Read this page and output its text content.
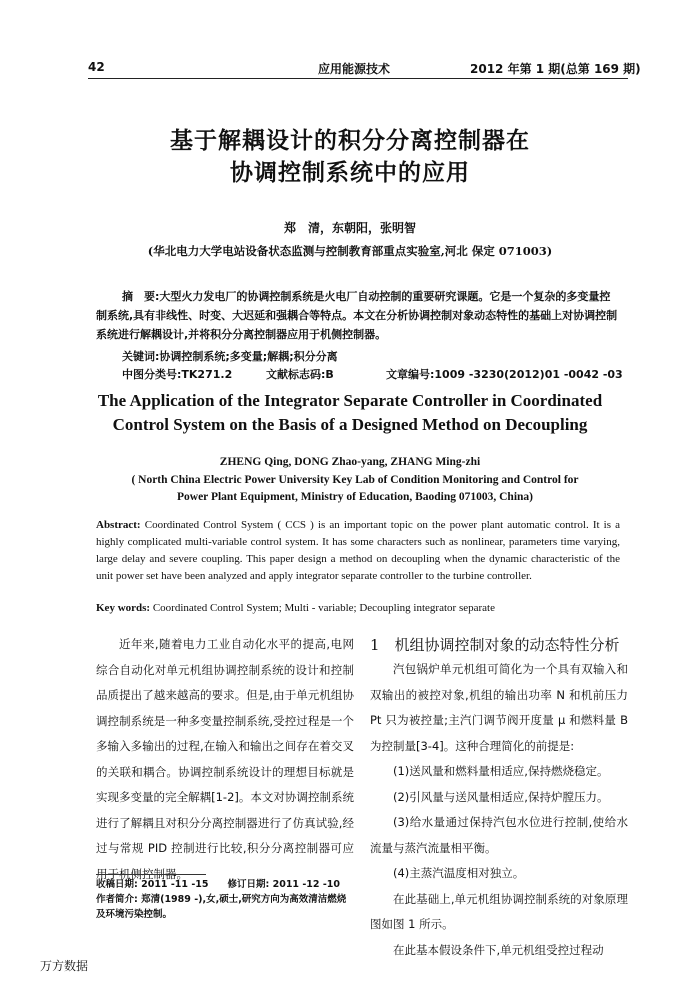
42	应用能源技术	2012 年第 1 期(总第 169 期)
基于解耦设计的积分分离控制器在
协调控制系统中的应用
郑　清，东朝阳，张明智
(华北电力大学电站设备状态监测与控制教育部重点实验室,河北 保定 071003)
摘　要:大型火力发电厂的协调控制系统是火电厂自动控制的重要研究课题。它是一个复杂的多变量控制系统,具有非线性、时变、大迟延和强耦合等特点。本文在分析协调控制对象动态特性的基础上对协调控制系统进行解耦设计,并将积分分离控制器应用于机侧控制器。
关键词:协调控制系统;多变量;解耦;积分分离
中图分类号:TK271.2	文献标志码:B	文章编号:1009 -3230(2012)01 -0042 -03
The Application of the Integrator Separate Controller in Coordinated
Control System on the Basis of a Designed Method on Decoupling
ZHENG Qing, DONG Zhao-yang, ZHANG Ming-zhi
( North China Electric Power University Key Lab of Condition Monitoring and Control for Power Plant Equipment, Ministry of Education, Baoding 071003, China)
Abstract: Coordinated Control System ( CCS ) is an important topic on the power plant automatic control. It is a highly complicated multi-variable control system. It has some characters such as nonlinear, parameters time varying, large delay and severe coupling. This paper design a method on decoupling when the dynamic characteristic of the unit power set have been analyzed and apply integrator separate controller to the turbine controller.
Key words: Coordinated Control System; Multi - variable; Decoupling integrator separate
近年来,随着电力工业自动化水平的提高,电网综合自动化对单元机组协调控制系统的设计和控制品质提出了越来越高的要求。但是,由于单元机组协调控制系统是一种多变量控制系统,受控过程是一个多输入多输出的过程,在输入和输出之间存在着交叉的关联和耦合。协调控制系统设计的理想目标就是实现多变量的完全解耦[1-2]。本文对协调控制系统进行了解耦且对积分分离控制器进行了仿真试验,经过与常规 PID 控制进行比较,积分分离控制器可应用于机侧控制器。
收稿日期: 2011 -11 -15　　修订日期: 2011 -12 -10
作者简介: 郑清(1989 -),女,硕士,研究方向为高效清洁燃烧及环境污染控制。
1　机组协调控制对象的动态特性分析

汽包锅炉单元机组可简化为一个具有双输入和双输出的被控对象,机组的输出功率 N 和机前压力 Pt 只为被控量;主汽门调节阀开度量 μ 和燃料量 B 为控制量[3-4]。这种合理简化的前提是:

(1)送风量和燃料量相适应,保持燃烧稳定。

(2)引风量与送风量相适应,保持炉膛压力。

(3)给水量通过保持汽包水位进行控制,使给水流量与蒸汽流量相平衡。

(4)主蒸汽温度相对独立。

在此基础上,单元机组协调控制系统的对象原理图如图 1 所示。

在此基本假设条件下,单元机组受控过程动

万方数据
